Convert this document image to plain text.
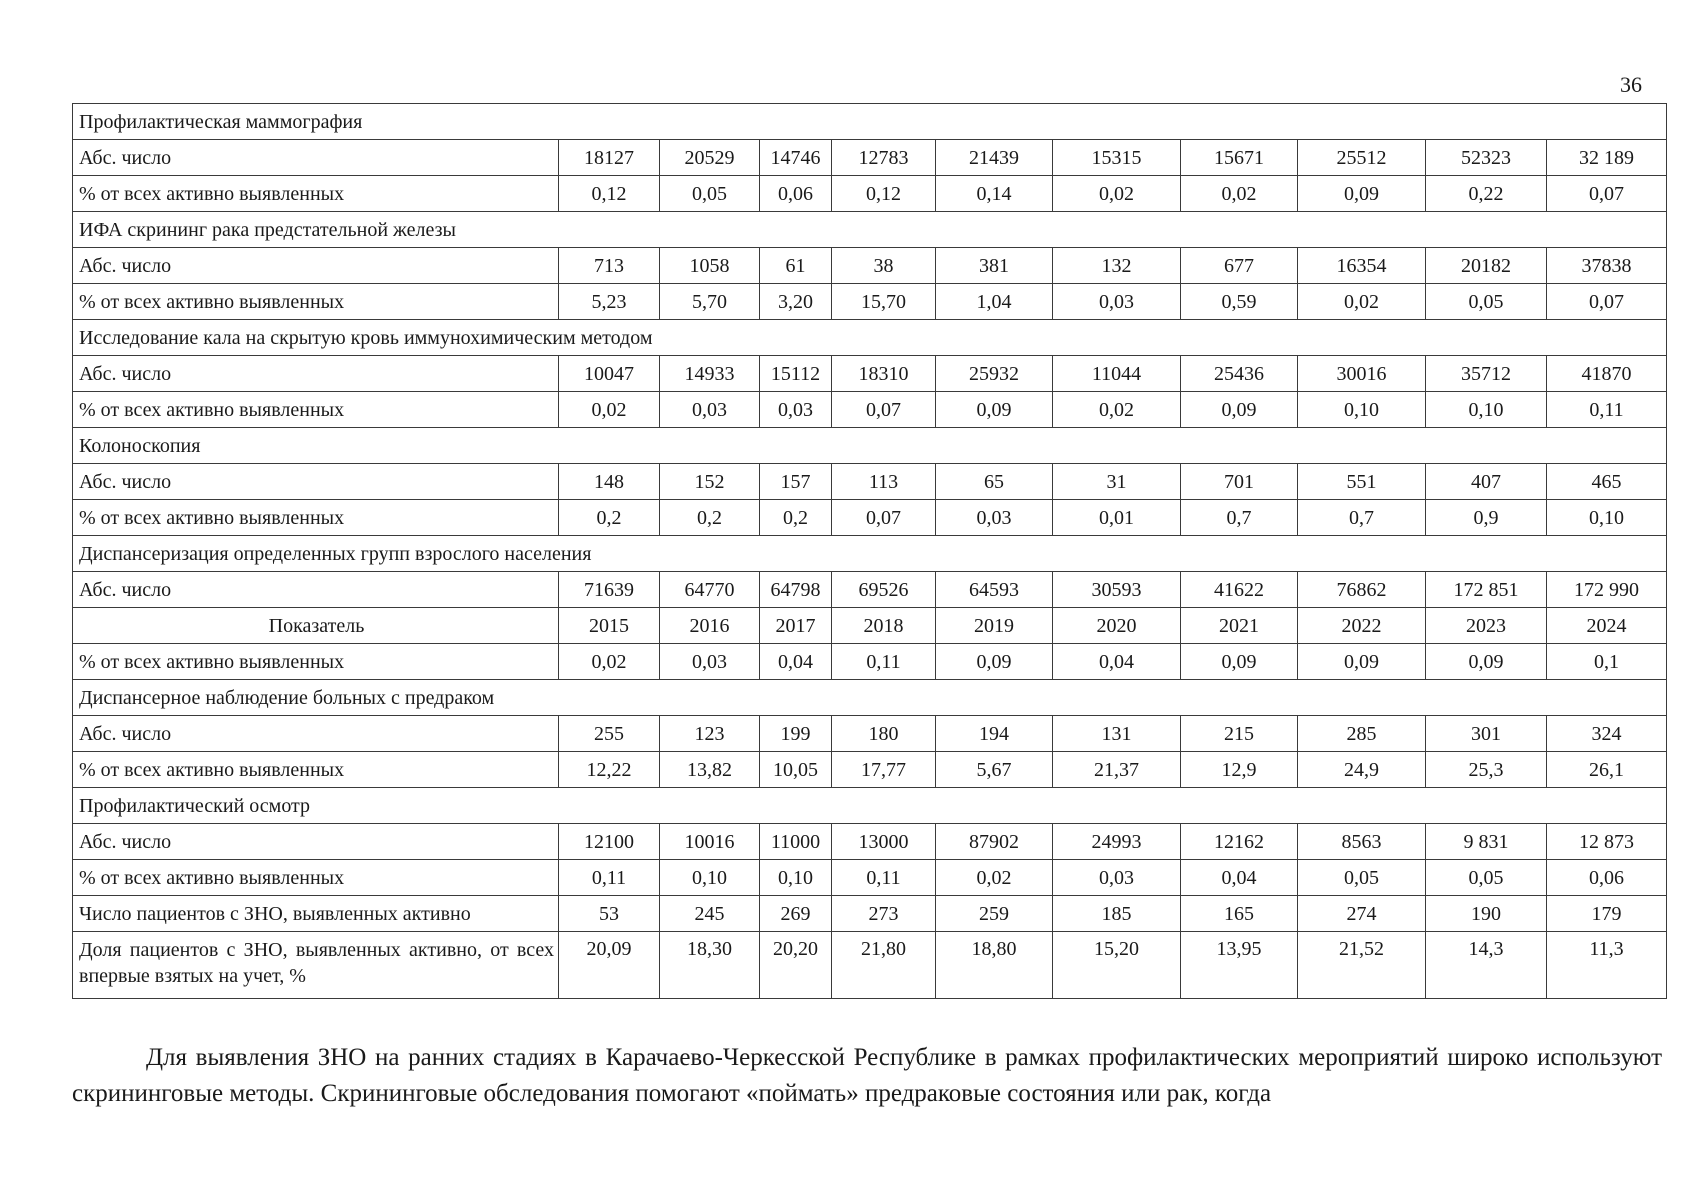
36
Профилактическая маммография										
Абс. число	18127	20529	14746	12783	21439	15315	15671	25512	52323	32 189
% от всех активно выявленных	0,12	0,05	0,06	0,12	0,14	0,02	0,02	0,09	0,22	0,07
ИФА скрининг рака предстательной железы										
Абс. число	713	1058	61	38	381	132	677	16354	20182	37838
% от всех активно выявленных	5,23	5,70	3,20	15,70	1,04	0,03	0,59	0,02	0,05	0,07
Исследование кала на скрытую кровь иммунохимическим методом										
Абс. число	10047	14933	15112	18310	25932	11044	25436	30016	35712	41870
% от всех активно выявленных	0,02	0,03	0,03	0,07	0,09	0,02	0,09	0,10	0,10	0,11
Колоноскопия										
Абс. число	148	152	157	113	65	31	701	551	407	465
% от всех активно выявленных	0,2	0,2	0,2	0,07	0,03	0,01	0,7	0,7	0,9	0,10
Диспансеризация определенных групп взрослого населения										
Абс. число	71639	64770	64798	69526	64593	30593	41622	76862	172 851	172 990
Показатель	2015	2016	2017	2018	2019	2020	2021	2022	2023	2024
% от всех активно выявленных	0,02	0,03	0,04	0,11	0,09	0,04	0,09	0,09	0,09	0,1
Диспансерное наблюдение больных с предраком										
Абс. число	255	123	199	180	194	131	215	285	301	324
% от всех активно выявленных	12,22	13,82	10,05	17,77	5,67	21,37	12,9	24,9	25,3	26,1
Профилактический осмотр										
Абс. число	12100	10016	11000	13000	87902	24993	12162	8563	9 831	12 873
% от всех активно выявленных	0,11	0,10	0,10	0,11	0,02	0,03	0,04	0,05	0,05	0,06
Число пациентов с ЗНО, выявленных активно	53	245	269	273	259	185	165	274	190	179
Доля пациентов с ЗНО, выявленных активно, от всех впервые взятых на учет, %	20,09	18,30	20,20	21,80	18,80	15,20	13,95	21,52	14,3	11,3
Для выявления ЗНО на ранних стадиях в Карачаево-Черкесской Республике в рамках профилактических мероприятий широко используют скрининговые методы. Скрининговые обследования помогают «поймать» предраковые состояния или рак, когда
